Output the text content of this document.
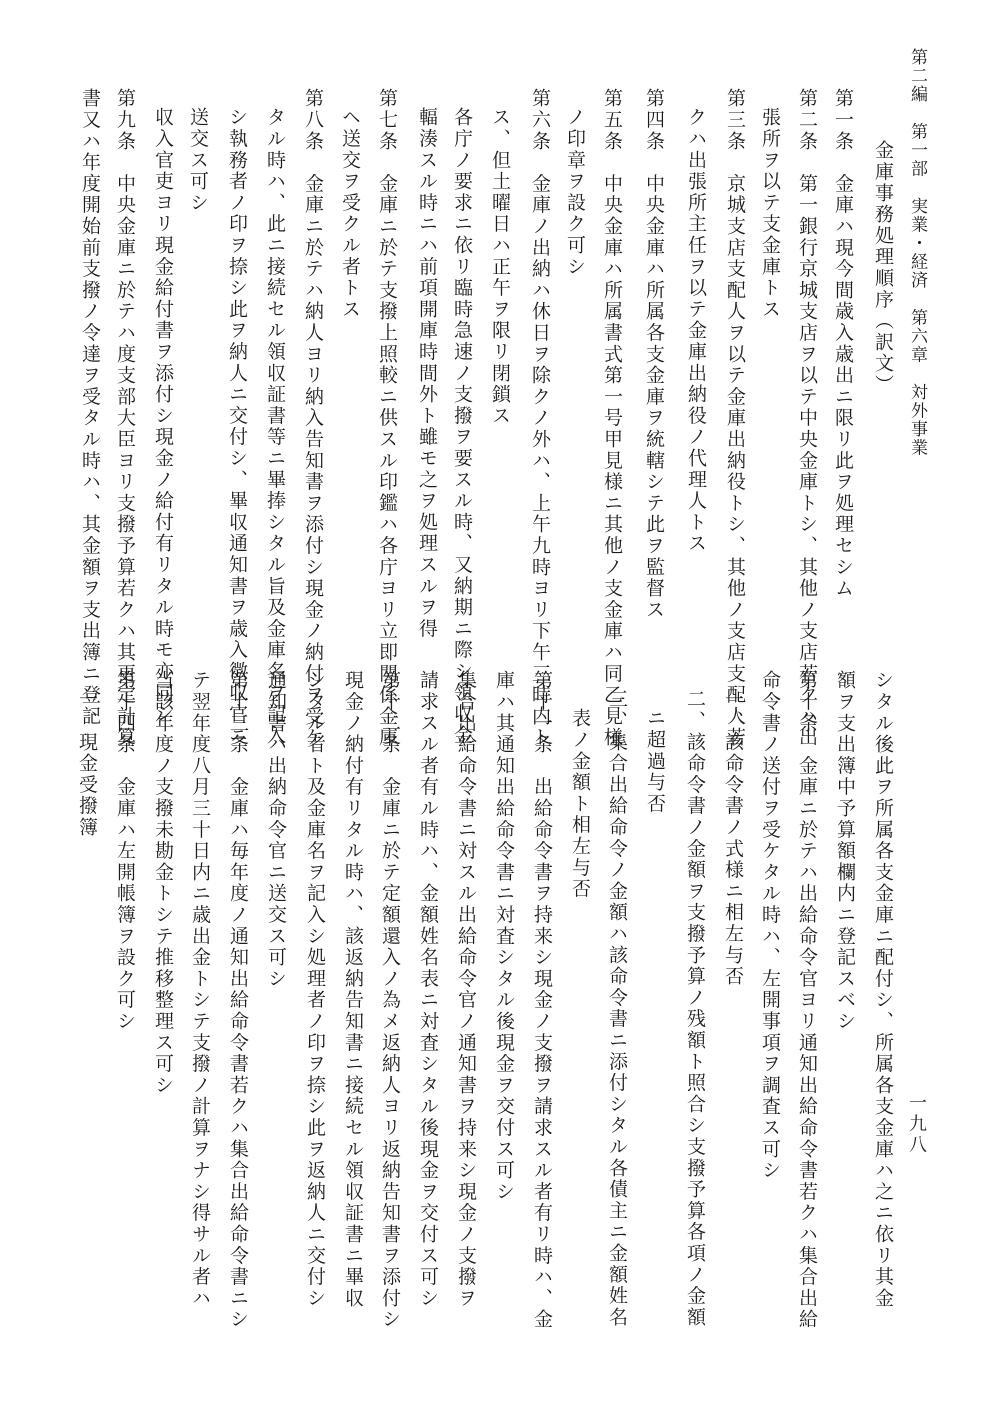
第二編　第一部　実業・経済　第六章　対外事業
一九八
金庫事務処理順序（訳文）
第一条　金庫ハ現今間歳入歳出ニ限リ此ヲ処理セシム
第二条　第一銀行京城支店ヲ以テ中央金庫トシ、其他ノ支店若クハ出
張所ヲ以テ支金庫トス
第三条　京城支店支配人ヲ以テ金庫出納役トシ、其他ノ支店支配人若
クハ出張所主任ヲ以テ金庫出納役ノ代理人トス
第四条　中央金庫ハ所属各支金庫ヲ統轄シテ此ヲ監督ス
第五条　中央金庫ハ所属書式第一号甲見様ニ其他ノ支金庫ハ同乙見様
ノ印章ヲ設ク可シ
第六条　金庫ノ出納ハ休日ヲ除クノ外ハ、上午九時ヨリ下午三時内ト
ス、但土曜日ハ正午ヲ限リ閉鎖ス
各庁ノ要求ニ依リ臨時急速ノ支撥ヲ要スル時、又納期ニ際シ領収金
輻湊スル時ニハ前項開庫時間外ト雖モ之ヲ処理スルヲ得
第七条　金庫ニ於テ支撥上照較ニ供スル印鑑ハ各庁ヨリ立即関係金庫
ヘ送交ヲ受クル者トス
第八条　金庫ニ於テハ納人ヨリ納入告知書ヲ添付シ現金ノ納付ヲ受ケ
タル時ハ、此ニ接続セル領収証書等ニ畢捧シタル旨及金庫名ヲ記入
シ執務者ノ印ヲ捺シ此ヲ納人ニ交付シ、畢収通知書ヲ歳入徴収官ニ
送交ス可シ
収入官吏ヨリ現金給付書ヲ添付シ現金ノ給付有リタル時モ亦同シ
第九条　中央金庫ニ於テハ度支部大臣ヨリ支撥予算若クハ其更定計算
書又ハ年度開始前支撥ノ令達ヲ受タル時ハ、其金額ヲ支出簿ニ登記
シタル後此ヲ所属各支金庫ニ配付シ、所属各支金庫ハ之ニ依リ其金
額ヲ支出簿中予算額欄内ニ登記スベシ
第十条　金庫ニ於テハ出給命令官ヨリ通知出給命令書若クハ集合出給
命令書ノ送付ヲ受ケタル時ハ、左開事項ヲ調査ス可シ
一、該命令書ノ式様ニ相左与否
二、該命令書ノ金額ヲ支撥予算ノ残額ト照合シ支撥予算各項ノ金額
ニ超過与否
三、集合出給命令ノ金額ハ該命令書ニ添付シタル各債主ニ金額姓名
表ノ金額ト相左与否
第十一条　出給命令書ヲ持来シ現金ノ支撥ヲ請求スル者有リ時ハ、金
庫ハ其通知出給命令書ニ対査シタル後現金ヲ交付ス可シ
集合出給命令書ニ対スル出給命令官ノ通知書ヲ持来シ現金ノ支撥ヲ
請求スル者有ル時ハ、金額姓名表ニ対査シタル後現金ヲ交付ス可シ
第十二条　金庫ニ於テ定額還入ノ為メ返納人ヨリ返納告知書ヲ添付シ
現金ノ納付有リタル時ハ、該返納告知書ニ接続セル領収証書ニ畢収
シタル者ト及金庫名ヲ記入シ処理者ノ印ヲ捺シ此ヲ返納人ニ交付シ
通知書ハ出納命令官ニ送交ス可シ
第十三条　金庫ハ毎年度ノ通知出給命令書若クハ集合出給命令書ニシ
テ翌年度八月三十日内ニ歳出金トシテ支撥ノ計算ヲナシ得サル者ハ
当該年度ノ支撥未勘金トシテ推移整理ス可シ
第十四条　金庫ハ左開帳簿ヲ設ク可シ
一、現金受撥簿
